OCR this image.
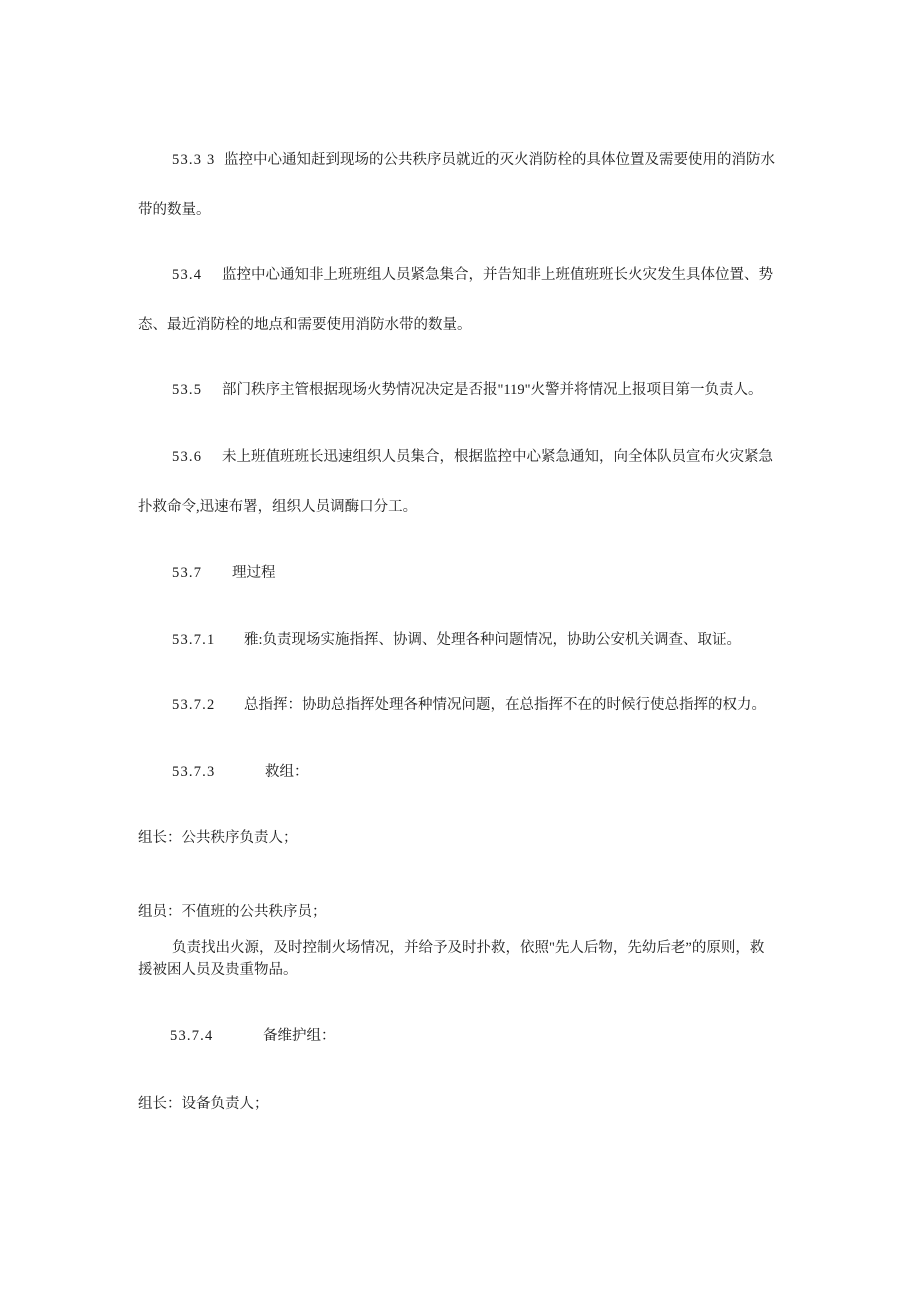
53.3 3 监控中心通知赶到现场的公共秩序员就近的灭火消防栓的具体位置及需要使用的消防水
带的数量。
53.4 监控中心通知非上班班组人员紧急集合，并告知非上班值班班长火灾发生具体位置、势
态、最近消防栓的地点和需要使用消防水带的数量。
53.5 部门秩序主管根据现场火势情况决定是否报"119"火警并将情况上报项目第一负责人。
53.6 未上班值班班长迅速组织人员集合，根据监控中心紧急通知，向全体队员宣布火灾紧急
扑救命令,迅速布署，组织人员调酶口分工。
53.7 理过程
53.7.1 雅:负责现场实施指挥、协调、处理各种问题情况，协助公安机关调查、取证。
53.7.2 总指挥：协助总指挥处理各种情况问题，在总指挥不在的时候行使总指挥的权力。
53.7.3	救组：
组长：公共秩序负责人；
组员：不值班的公共秩序员；
负责找出火源，及时控制火场情况，并给予及时扑救，依照"先人后物，先幼后老”的原则，救
援被困人员及贵重物品。
53.7.4	备维护组：
组长：设备负责人；
